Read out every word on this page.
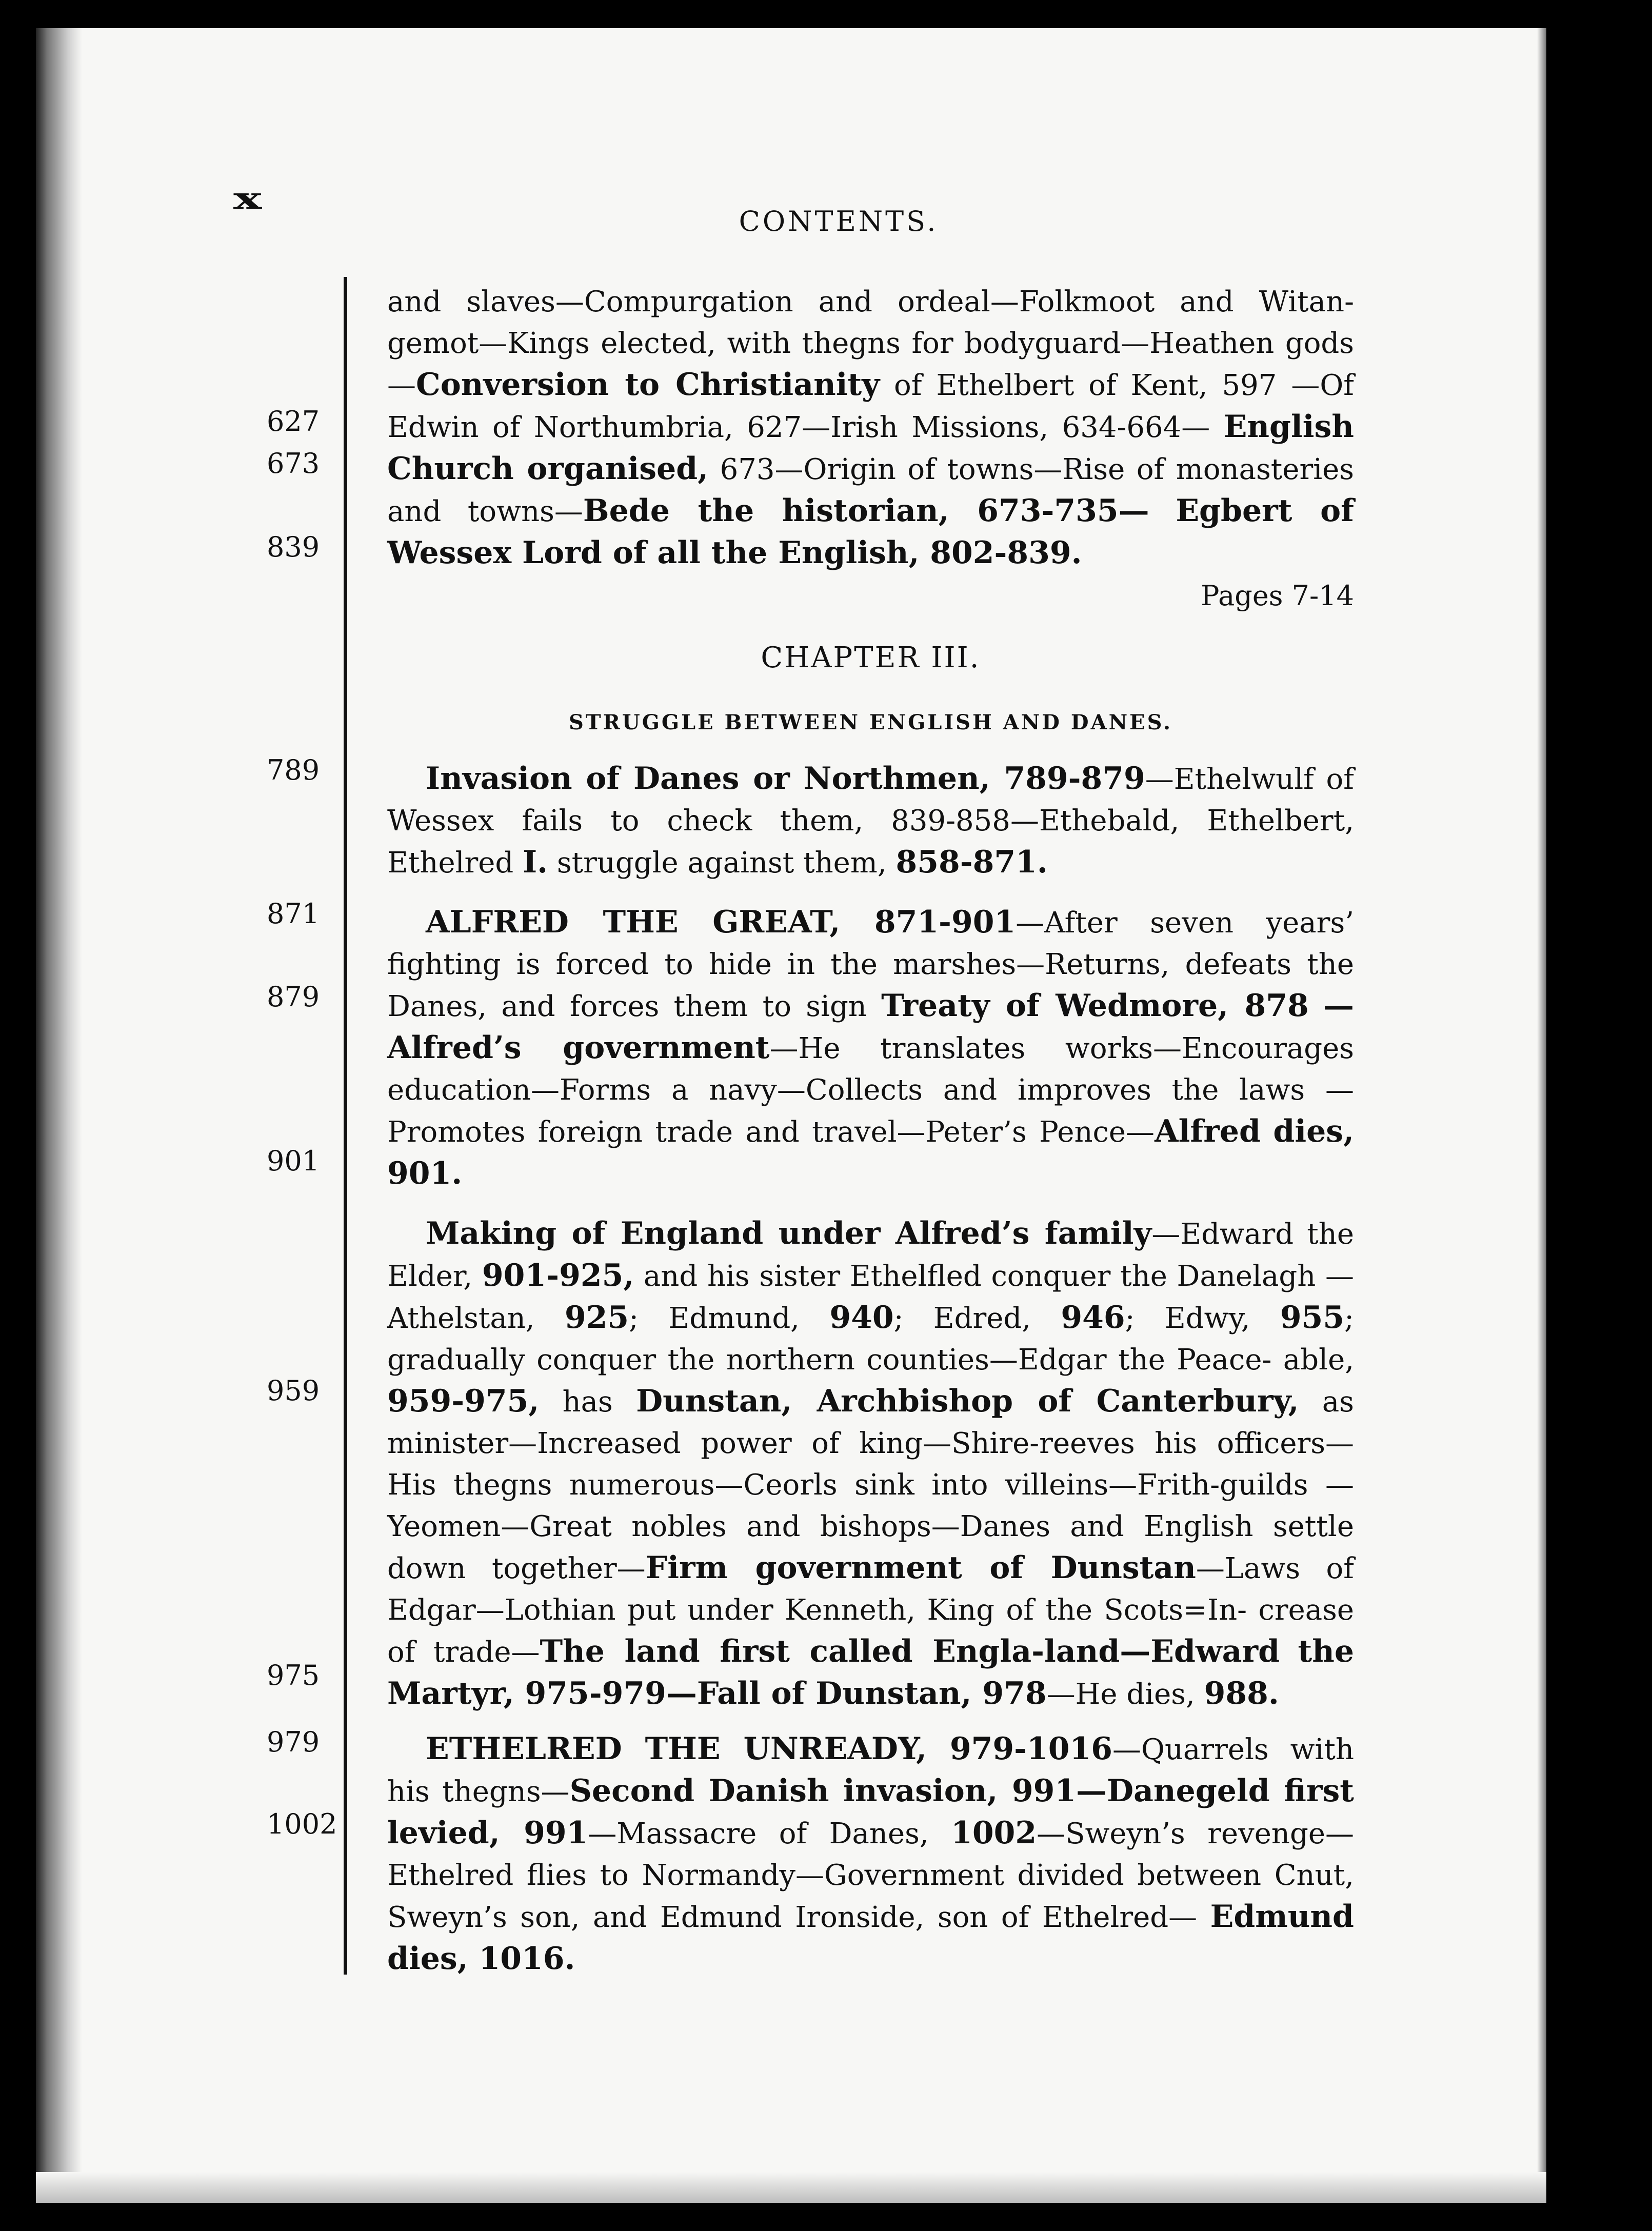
x
CONTENTS.
627
673
839
789
871
879
901
959
975
979
1002

and slaves—Compurgation and ordeal—Folkmoot and Witan- gemot—Kings elected, with thegns for bodyguard—Heathen gods—Conversion to Christianity of Ethelbert of Kent, 597 —Of Edwin of Northumbria, 627—Irish Missions, 634-664— English Church organised, 673—Origin of towns—Rise of monasteries and towns—Bede the historian, 673-735— Egbert of Wessex Lord of all the English, 802-839.

Pages 7-14
CHAPTER III.
STRUGGLE BETWEEN ENGLISH AND DANES.

Invasion of Danes or Northmen, 789-879—Ethelwulf of Wessex fails to check them, 839-858—Ethebald, Ethelbert, Ethelred I. struggle against them, 858-871.

ALFRED THE GREAT, 871-901—After seven years’ fighting is forced to hide in the marshes—Returns, defeats the Danes, and forces them to sign Treaty of Wedmore, 878 —Alfred’s government—He translates works—Encourages education—Forms a navy—Collects and improves the laws —Promotes foreign trade and travel—Peter’s Pence—Alfred dies, 901.

Making of England under Alfred’s family—Edward the Elder, 901-925, and his sister Ethelfled conquer the Danelagh —Athelstan, 925; Edmund, 940; Edred, 946; Edwy, 955; gradually conquer the northern counties—Edgar the Peace- able, 959-975, has Dunstan, Archbishop of Canterbury, as minister—Increased power of king—Shire-reeves his officers— His thegns numerous—Ceorls sink into villeins—Frith-guilds —Yeomen—Great nobles and bishops—Danes and English settle down together—Firm government of Dunstan—Laws of Edgar—Lothian put under Kenneth, King of the Scots=In- crease of trade—The land first called Engla-land—Edward the Martyr, 975-979—Fall of Dunstan, 978—He dies, 988.

ETHELRED THE UNREADY, 979-1016—Quarrels with his thegns—Second Danish invasion, 991—Danegeld first levied, 991—Massacre of Danes, 1002—Sweyn’s revenge— Ethelred flies to Normandy—Government divided between Cnut, Sweyn’s son, and Edmund Ironside, son of Ethelred— Edmund dies, 1016.
